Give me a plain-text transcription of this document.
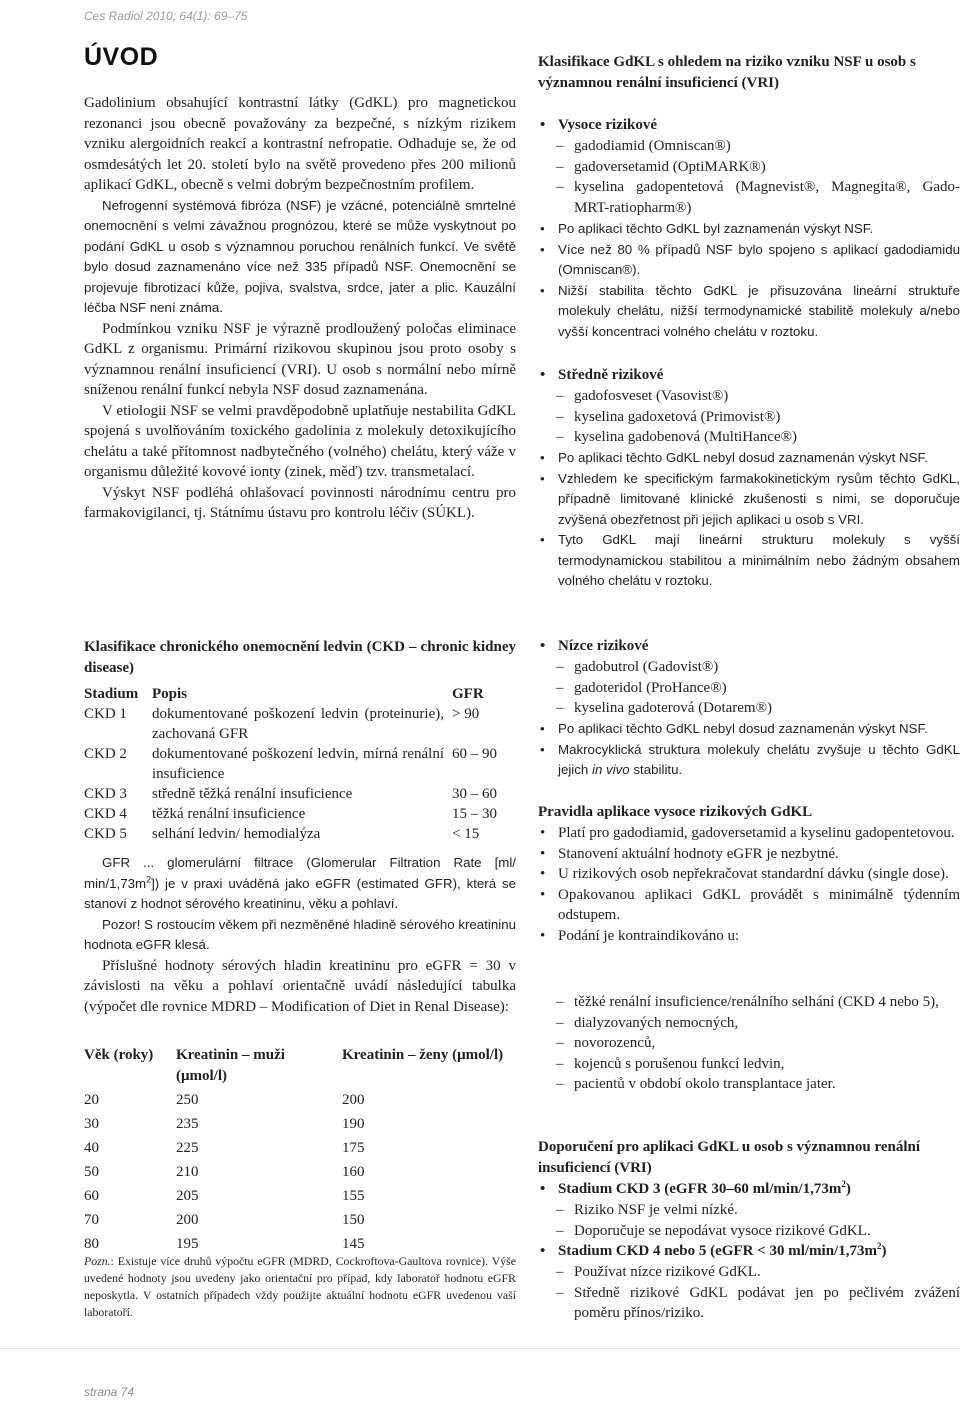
Ces Radiol 2010; 64(1): 69–75
ÚVOD

Gadolinium obsahující kontrastní látky (GdKL) pro magnetickou rezonanci jsou obecně považovány za bezpečné, s nízkým rizikem vzniku alergoidních reakcí a kontrastní nefropatie. Odhaduje se, že od osmdesátých let 20. století bylo na světě provedeno přes 200 milionů aplikací GdKL, obecně s velmi dobrým bezpečnostním profilem.

Nefrogenní systémová fibróza (NSF) je vzácné, potenciálně smrtelné onemocnění s velmi závažnou prognózou, které se může vyskytnout po podání GdKL u osob s významnou poruchou renálních funkcí. Ve světě bylo dosud zaznamenáno více než 335 případů NSF. Onemocnění se projevuje fibrotizací kůže, pojiva, svalstva, srdce, jater a plic. Kauzální léčba NSF není známa.

Podmínkou vzniku NSF je výrazně prodloužený poločas eliminace GdKL z organismu. Primární rizikovou skupinou jsou proto osoby s významnou renální insuficiencí (VRI). U osob s normální nebo mírně sníženou renální funkcí nebyla NSF dosud zaznamenána.

V etiologii NSF se velmi pravděpodobně uplatňuje nestabilita GdKL spojená s uvolňováním toxického gadolinia z molekuly detoxikujícího chelátu a také přítomnost nadbytečného (volného) chelátu, který váže v organismu důležité kovové ionty (zinek, měď) tzv. transmetalací.

Výskyt NSF podléhá ohlašovací povinnosti národnímu centru pro farmakovigilanci, tj. Státnímu ústavu pro kontrolu léčiv (SÚKL).

Klasifikace chronického onemocnění ledvin (CKD – chronic kidney disease)

Stadium	Popis	GFR
CKD 1	dokumentované poškození ledvin (proteinurie), zachovaná GFR	> 90
CKD 2	dokumentované poškození ledvin, mírná renální insuficience	60 – 90
CKD 3	středně těžká renální insuficience	30 – 60
CKD 4	těžká renální insuficience	15 – 30
CKD 5	selhání ledvin/ hemodialýza	< 15

GFR ... glomerulární filtrace (Glomerular Filtration Rate [ml/ $\min/1,73m^2$]) je v praxi uváděná jako eGFR (estimated GFR), která se stanoví z hodnot sérového kreatininu, věku a pohlaví.

Pozor! S rostoucím věkem při nezměněné hladině sérového kreatininu hodnota eGFR klesá.

Příslušné hodnoty sérových hladin kreatininu pro eGFR = 30 v závislosti na věku a pohlaví orientačně uvádí následující tabulka (výpočet dle rovnice MDRD – Modification of Diet in Renal Disease):

Věk (roky)	Kreatinin – muži (μmol/l)	Kreatinin – ženy (μmol/l)
20	250	200
30	235	190
40	225	175
50	210	160
60	205	155
70	200	150
80	195	145
Pozn.: Existuje více druhů výpočtu eGFR (MDRD, Cockroftova-Gaultova rovnice). Výše uvedené hodnoty jsou uvedeny jako orientační pro případ, kdy laboratoř hodnotu eGFR neposkytla. V ostatních případech vždy použijte aktuální hodnotu eGFR uvedenou vaší laboratoří.

Klasifikace GdKL s ohledem na riziko vzniku NSF u osob s významnou renální insuficiencí (VRI)

• Vysoce rizikové
– gadodiamid (Omniscan®)
– gadoversetamid (OptiMARK®)
– kyselina gadopentetová (Magnevist®, Magnegita®, Gado-MRT-ratiopharm®)
• Po aplikaci těchto GdKL byl zaznamenán výskyt NSF.
• Více než 80 % případů NSF bylo spojeno s aplikací gadodiamidu (Omniscan®).
• Nižší stabilita těchto GdKL je přisuzována lineární struktuře molekuly chelátu, nižší termodynamické stabilitě molekuly a/nebo vyšší koncentraci volného chelátu v roztoku.
• Středně rizikové
– gadofosveset (Vasovist®)
– kyselina gadoxetová (Primovist®)
– kyselina gadobenová (MultiHance®)
• Po aplikaci těchto GdKL nebyl dosud zaznamenán výskyt NSF.
• Vzhledem ke specifickým farmakokinetickým rysům těchto GdKL, případně limitované klinické zkušenosti s nimi, se doporučuje zvýšená obezřetnost při jejich aplikaci u osob s VRI.
• Tyto GdKL mají lineární strukturu molekuly s vyšší termodynamickou stabilitou a minimálním nebo žádným obsahem volného chelátu v roztoku.
• Nízce rizikové
– gadobutrol (Gadovist®)
– gadoteridol (ProHance®)
– kyselina gadoterová (Dotarem®)
• Po aplikaci těchto GdKL nebyl dosud zaznamenán výskyt NSF.
• Makrocyklická struktura molekuly chelátu zvyšuje u těchto GdKL jejich in vivo stabilitu.

Pravidla aplikace vysoce rizikových GdKL

• Platí pro gadodiamid, gadoversetamid a kyselinu gadopentetovou.
• Stanovení aktuální hodnoty eGFR je nezbytné.
• U rizikových osob nepřekračovat standardní dávku (single dose).
• Opakovanou aplikaci GdKL provádět s minimálně týdenním odstupem.
• Podání je kontraindikováno u:
– těžké renální insuficience/renálního selhání (CKD 4 nebo 5),
– dialyzovaných nemocných,
– novorozenců,
– kojenců s porušenou funkcí ledvin,
– pacientů v období okolo transplantace jater.

Doporučení pro aplikaci GdKL u osob s významnou renální insuficiencí (VRI)

• Stadium CKD 3 (eGFR 30–60 $ml/\min/1,73m^2$)
– Riziko NSF je velmi nízké.
– Doporučuje se nepodávat vysoce rizikové GdKL.
• Stadium CKD 4 nebo 5 (eGFR < 30 $ml/\min/1,73m^2$)
– Používat nízce rizikové GdKL.
– Středně rizikové GdKL podávat jen po pečlivém zvážení poměru přínos/riziko.
strana 74
